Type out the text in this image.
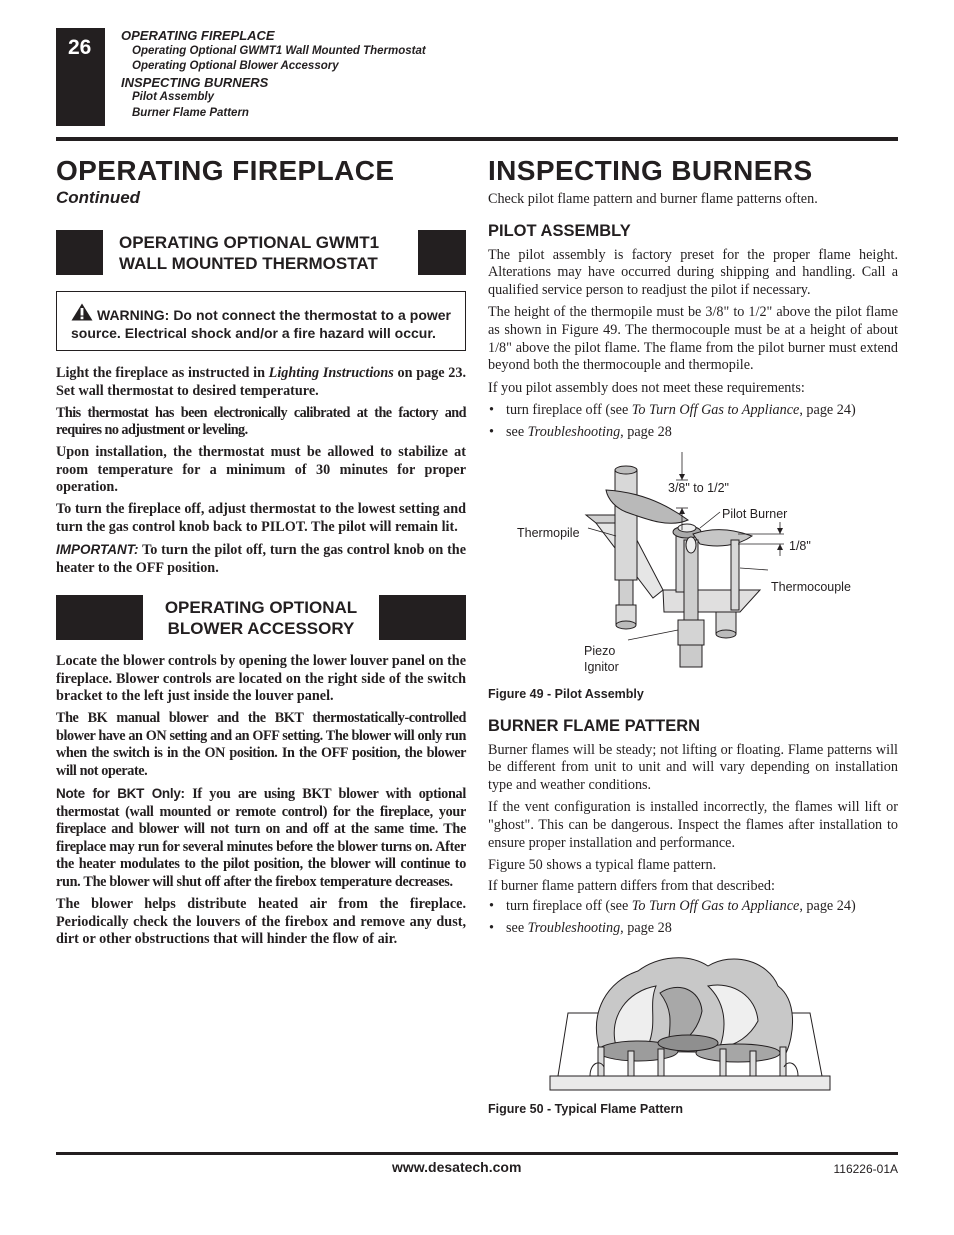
26
OPERATING FIREPLACE
Operating Optional GWMT1 Wall Mounted Thermostat
Operating Optional Blower Accessory
INSPECTING BURNERS
Pilot Assembly
Burner Flame Pattern
OPERATING FIREPLACE
Continued
OPERATING OPTIONAL GWMT1
WALL MOUNTED THERMOSTAT
WARNING: Do not connect the thermostat to a power source. Electrical shock and/or a fire hazard will occur.

Light the fireplace as instructed in Lighting Instructions on page 23. Set wall thermostat to desired temperature.

This thermostat has been electronically calibrated at the factory and requires no adjustment or leveling.

Upon installation, the thermostat must be allowed to stabilize at room temperature for a minimum of 30 minutes for proper operation.

To turn the fireplace off, adjust thermostat to the lowest setting and turn the gas control knob back to PILOT. The pilot will remain lit.

IMPORTANT: To turn the pilot off, turn the gas control knob on the heater to the OFF position.

OPERATING OPTIONAL
BLOWER ACCESSORY

Locate the blower controls by opening the lower louver panel on the fireplace. Blower controls are located on the right side of the switch bracket to the left just inside the louver panel.

The BK manual blower and the BKT thermostatically-controlled blower have an ON setting and an OFF setting. The blower will only run when the switch is in the ON position. In the OFF position, the blower will not operate.

Note for BKT Only: If you are using BKT blower with optional thermostat (wall mounted or remote control) for the fireplace, your fireplace and blower will not turn on and off at the same time. The fireplace may run for several minutes before the blower turns on. After the heater modulates to the pilot position, the blower will continue to run. The blower will shut off after the firebox temperature decreases.

The blower helps distribute heated air from the fireplace. Periodically check the louvers of the firebox and remove any dust, dirt or other obstructions that will hinder the flow of air.

INSPECTING BURNERS

Check pilot flame pattern and burner flame patterns often.

PILOT ASSEMBLY

The pilot assembly is factory preset for the proper flame height. Alterations may have occurred during shipping and handling. Call a qualified service person to readjust the pilot if necessary.

The height of the thermopile must be 3/8" to 1/2" above the pilot flame as shown in Figure 49. The thermocouple must be at a height of about 1/8" above the pilot flame. The flame from the pilot burner must extend beyond both the thermocouple and thermopile.

If you pilot assembly does not meet these requirements:

• turn fireplace off (see To Turn Off Gas to Appliance, page 24)
• see Troubleshooting, page 28
3/8" to 1/2"
Pilot Burner
Thermopile
1/8"
Thermocouple
Piezo
Ignitor
Figure 49 - Pilot Assembly
BURNER FLAME PATTERN

Burner flames will be steady; not lifting or floating. Flame patterns will be different from unit to unit and will vary depending on installation type and weather conditions.

If the vent configuration is installed incorrectly, the flames will lift or "ghost". This can be dangerous. Inspect the flames after installation to ensure proper installation and performance.

Figure 50 shows a typical flame pattern.

If burner flame pattern differs from that described:

• turn fireplace off (see To Turn Off Gas to Appliance, page 24)
• see Troubleshooting, page 28
Figure 50 - Typical Flame Pattern
www.desatech.com	116226-01A
